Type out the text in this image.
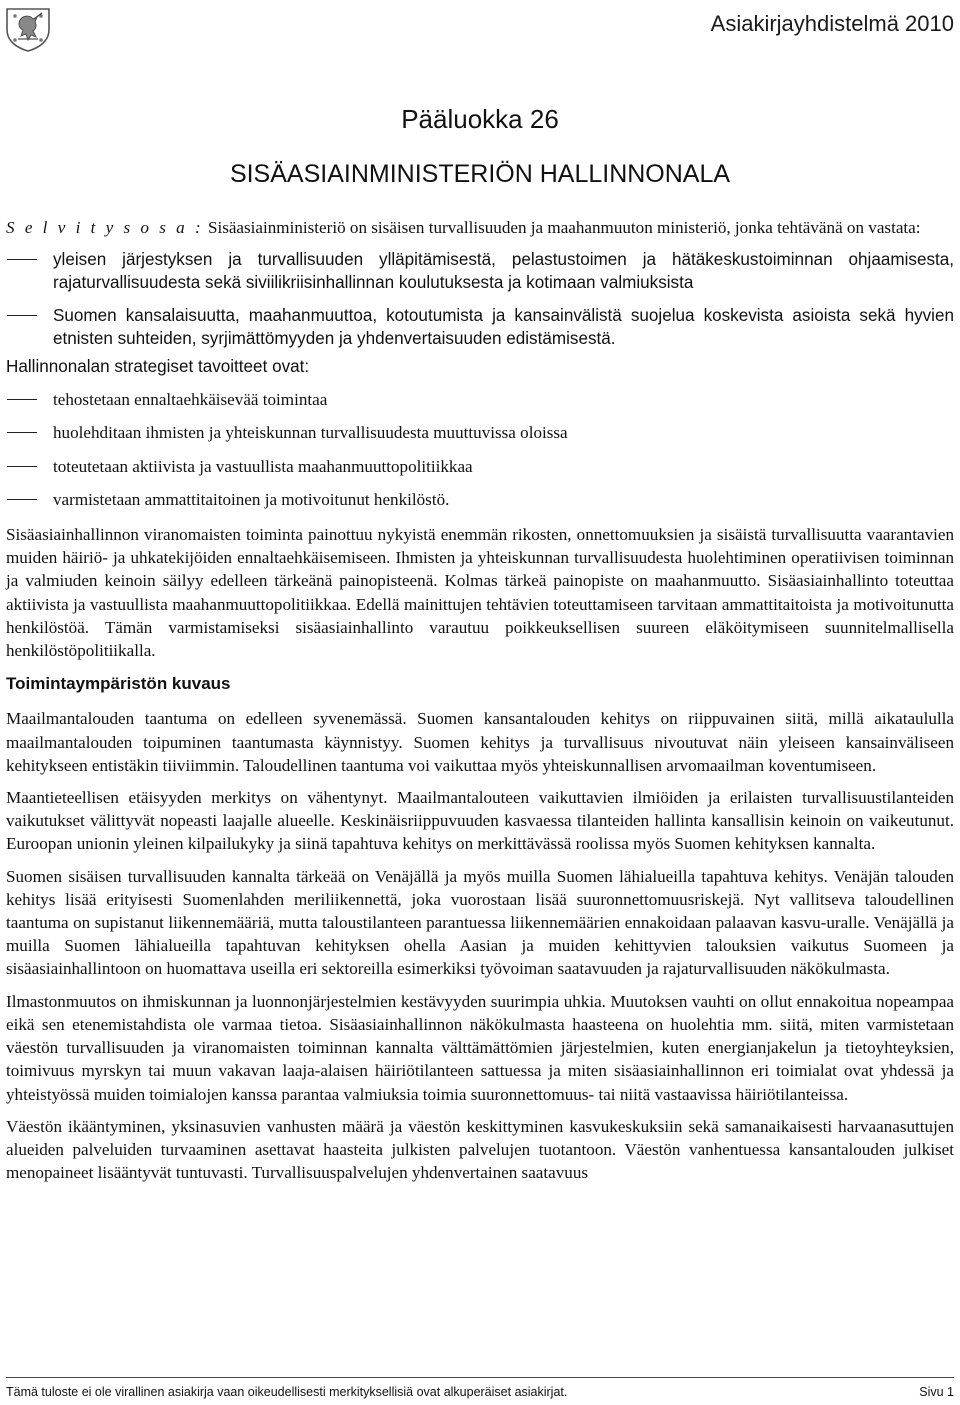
Asiakirjayhdistelmä 2010
Pääluokka 26
SISÄASIAINMINISTERIÖN HALLINNONALA

S e l v i t y s o s a : Sisäasiainministeriö on sisäisen turvallisuuden ja maahanmuuton ministeriö, jonka tehtävänä on vastata:

yleisen järjestyksen ja turvallisuuden ylläpitämisestä, pelastustoimen ja hätäkeskustoiminnan ohjaamisesta, rajaturvallisuudesta sekä siviilikriisinhallinnan koulutuksesta ja kotimaan valmiuksista
Suomen kansalaisuutta, maahanmuuttoa, kotoutumista ja kansainvälistä suojelua koskevista asioista sekä hyvien etnisten suhteiden, syrjimättömyyden ja yhdenvertaisuuden edistämisestä.

Hallinnonalan strategiset tavoitteet ovat:

tehostetaan ennaltaehkäisevää toimintaa
huolehditaan ihmisten ja yhteiskunnan turvallisuudesta muuttuvissa oloissa
toteutetaan aktiivista ja vastuullista maahanmuuttopolitiikkaa
varmistetaan ammattitaitoinen ja motivoitunut henkilöstö.

Sisäasiainhallinnon viranomaisten toiminta painottuu nykyistä enemmän rikosten, onnettomuuksien ja sisäistä turvallisuutta vaarantavien muiden häiriö- ja uhkatekijöiden ennaltaehkäisemiseen. Ihmisten ja yhteiskunnan turvallisuudesta huolehtiminen operatiivisen toiminnan ja valmiuden keinoin säilyy edelleen tärkeänä painopisteenä. Kolmas tärkeä painopiste on maahanmuutto. Sisäasiainhallinto toteuttaa aktiivista ja vastuullista maahanmuuttopolitiikkaa. Edellä mainittujen tehtävien toteuttamiseen tarvitaan ammattitaitoista ja motivoitunutta henkilöstöä. Tämän varmistamiseksi sisäasiainhallinto varautuu poikkeuksellisen suureen eläköitymiseen suunnitelmallisella henkilöstöpolitiikalla.

Toimintaympäristön kuvaus

Maailmantalouden taantuma on edelleen syvenemässä. Suomen kansantalouden kehitys on riippuvainen siitä, millä aikataululla maailmantalouden toipuminen taantumasta käynnistyy. Suomen kehitys ja turvallisuus nivoutuvat näin yleiseen kansainväliseen kehitykseen entistäkin tiiviimmin. Taloudellinen taantuma voi vaikuttaa myös yhteiskunnallisen arvomaailman koventumiseen.

Maantieteellisen etäisyyden merkitys on vähentynyt. Maailmantalouteen vaikuttavien ilmiöiden ja erilaisten turvallisuustilanteiden vaikutukset välittyvät nopeasti laajalle alueelle. Keskinäisriippuvuuden kasvaessa tilanteiden hallinta kansallisin keinoin on vaikeutunut. Euroopan unionin yleinen kilpailukyky ja siinä tapahtuva kehitys on merkittävässä roolissa myös Suomen kehityksen kannalta.

Suomen sisäisen turvallisuuden kannalta tärkeää on Venäjällä ja myös muilla Suomen lähialueilla tapahtuva kehitys. Venäjän talouden kehitys lisää erityisesti Suomenlahden meriliikennettä, joka vuorostaan lisää suuronnettomuusriskejä. Nyt vallitseva taloudellinen taantuma on supistanut liikennemääriä, mutta taloustilanteen parantuessa liikennemäärien ennakoidaan palaavan kasvu-uralle. Venäjällä ja muilla Suomen lähialueilla tapahtuvan kehityksen ohella Aasian ja muiden kehittyvien talouksien vaikutus Suomeen ja sisäasiainhallintoon on huomattava useilla eri sektoreilla esimerkiksi työvoiman saatavuuden ja rajaturvallisuuden näkökulmasta.

Ilmastonmuutos on ihmiskunnan ja luonnonjärjestelmien kestävyyden suurimpia uhkia. Muutoksen vauhti on ollut ennakoitua nopeampaa eikä sen etenemistahdista ole varmaa tietoa. Sisäasiainhallinnon näkökulmasta haasteena on huolehtia mm. siitä, miten varmistetaan väestön turvallisuuden ja viranomaisten toiminnan kannalta välttämättömien järjestelmien, kuten energianjakelun ja tietoyhteyksien, toimivuus myrskyn tai muun vakavan laaja-alaisen häiriötilanteen sattuessa ja miten sisäasiainhallinnon eri toimialat ovat yhdessä ja yhteistyössä muiden toimialojen kanssa parantaa valmiuksia toimia suuronnettomuus- tai niitä vastaavissa häiriötilanteissa.

Väestön ikääntyminen, yksinasuvien vanhusten määrä ja väestön keskittyminen kasvukeskuksiin sekä samanaikaisesti harvaanasuttujen alueiden palveluiden turvaaminen asettavat haasteita julkisten palvelujen tuotantoon. Väestön vanhentuessa kansantalouden julkiset menopaineet lisääntyvät tuntuvasti. Turvallisuuspalvelujen yhdenvertainen saatavuus

Tämä tuloste ei ole virallinen asiakirja vaan oikeudellisesti merkityksellisiä ovat alkuperäiset asiakirjat.	Sivu 1
